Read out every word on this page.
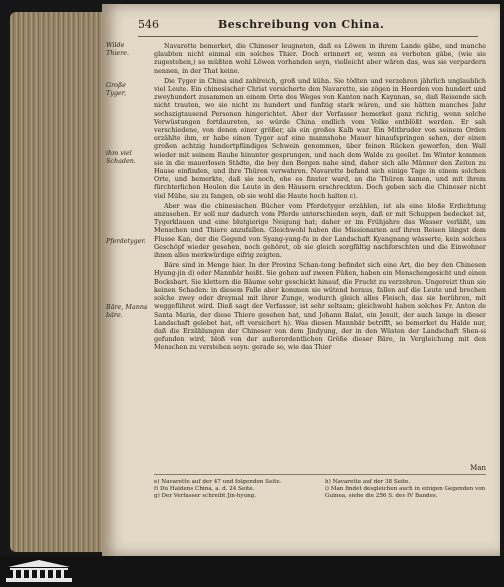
546	Beschreibung von China.
Wilde Thiere.
Große Tyger,
ihm viel Schaden.
Pferdetyger.
Bäre, Manns bäre.

Navarette bemerket, die Chineser leugneten, daß es Löwen in ihrem Lande gäbe, und manche glaubten nicht einmal ein solches Thier. Doch erinnert er, wenn es verboten gäbe, (wie sie zugestehen,) so müßten wohl Löwen vorhanden seyn, vielleicht aber wären das, was sie verpardern nennen, in der That keine.

Die Tyger in China sind zahlreich, groß und kühn. Sie tödten und verzehren jährlich unglaublich viel Leute. Ein chinesischer Christ versicherte den Navarette, sie zögen in Heerden von hundert und zweyhundert zusammen an einem Orte des Weges von Kanton nach Kaynnan, so, daß Reisende sich nicht trauten, wo sie nicht zu hundert und funfzig stark wären, und sie hätten manches Jahr sechszigtausend Personen hingerichtet. Aber der Verfasser bemerket ganz richtig, wenn solche Verwüstungen fortdaureten, so würde China endlich vom Volke entblößt werden. Er sah verschiedene, von denen einer größer, als ein großes Kalb war. Ein Mitbruder von seinem Orden erzählte ihm, er habe einen Tyger auf eine mannshohe Mauer hinaufspringen sehen, der einen großen achtzig hundertpfündiges Schwein genommen, über feinen Rücken geworfen, den Wall wieder mit seinem Raube hinunter gesprungen, und nach dem Walde zu geeilet. Im Winter kommen sie in die mauerlosen Städte, die bey den Bergen nahe sind, daher sich alle Männer den Zeiten zu Hause einfinden, und ihre Thüren verwahren. Navarette befand sich einige Tage in einem solchen Orte, und bemerkte, daß sie noch, ehe es finster ward, an die Thüren kamen, und mit ihrem fürchterlichen Heulen die Leute in den Häusern erschreckten. Doch geben sich die Chineser nicht viel Mühe, sie zu fangen, ob sie wohl die Haute hoch halten c).

Aber was die chinesischen Bücher vom Pferdetyger erzählen, ist als eine bloße Erdichtung anzusehen. Er soll nur dadurch vom Pferde unterschieden seyn, daß er mit Schuppen bedecket ist, Tygerklauen und eine blutgierige Neigung hat; daher er im Frühjahre das Wasser verläßt, um Menschen und Thiere anzufallen. Gleichwohl haben die Missionarien auf ihren Reisen längst dem Flusse Kan, der die Gegend von Syang-yang-fu in der Landschaft Kyangnang wässerte, kein solches Geschöpf wieder gesehen, noch gehöret, ob sie gleich sorgfältig nachforschten und die Einwohner ihnen alles merkwürdige eifrig zeigten.

Bäre sind in Menge hier. In der Provinz Schan-tong befindet sich eine Art, die bey den Chinesen Hyung-jin d) oder Mannbär heißt. Sie gehen auf zween Füßen, haben ein Menschengesicht und einen Bocksbart. Sie klettern die Bäume sehr geschickt hinauf, die Frucht zu verzehren. Ungereizt thun sie keinen Schaden: in diesem Falle aber kommen sie wütend heraus, fallen auf die Leute und brechen solche zwey oder dreymal mit ihrer Zunge, wodurch gleich alles Fleisch, das sie berühren, mit weggeführet wird. Dieß sagt der Verfasser, ist sehr seltsam; gleichwohl haben solches Fr. Anton de Santa Maria, der diese Thiere gesehen hat, und Johann Balat, ein Jesuit, der auch lange in dieser Landschaft gelebet hat, oft versichert h). Was diesen Mannbär betrifft, so bemerket du Halde nur, daß die Erzählungen der Chineser von dem Jindyung, der in den Wüsten der Landschaft Shen-si gefunden wird, bloß von der außerordentlichen Größe dieser Bäre, in Vergleichung mit den Menschen zu verstehen seyn: gerade so, wie das Thier

Man
e) Navarette auf der 47 und folgenden Seite.
f) Du Haldens China, a. d. 24 Seite.
g) Der Verfasser schreibt Jin-hyung.
h) Navarette auf der 38 Seite.
i) Man findet desgleichen auch in einigen Gegenden von Guinea, siehe die 256 S. des IV Bandes.
